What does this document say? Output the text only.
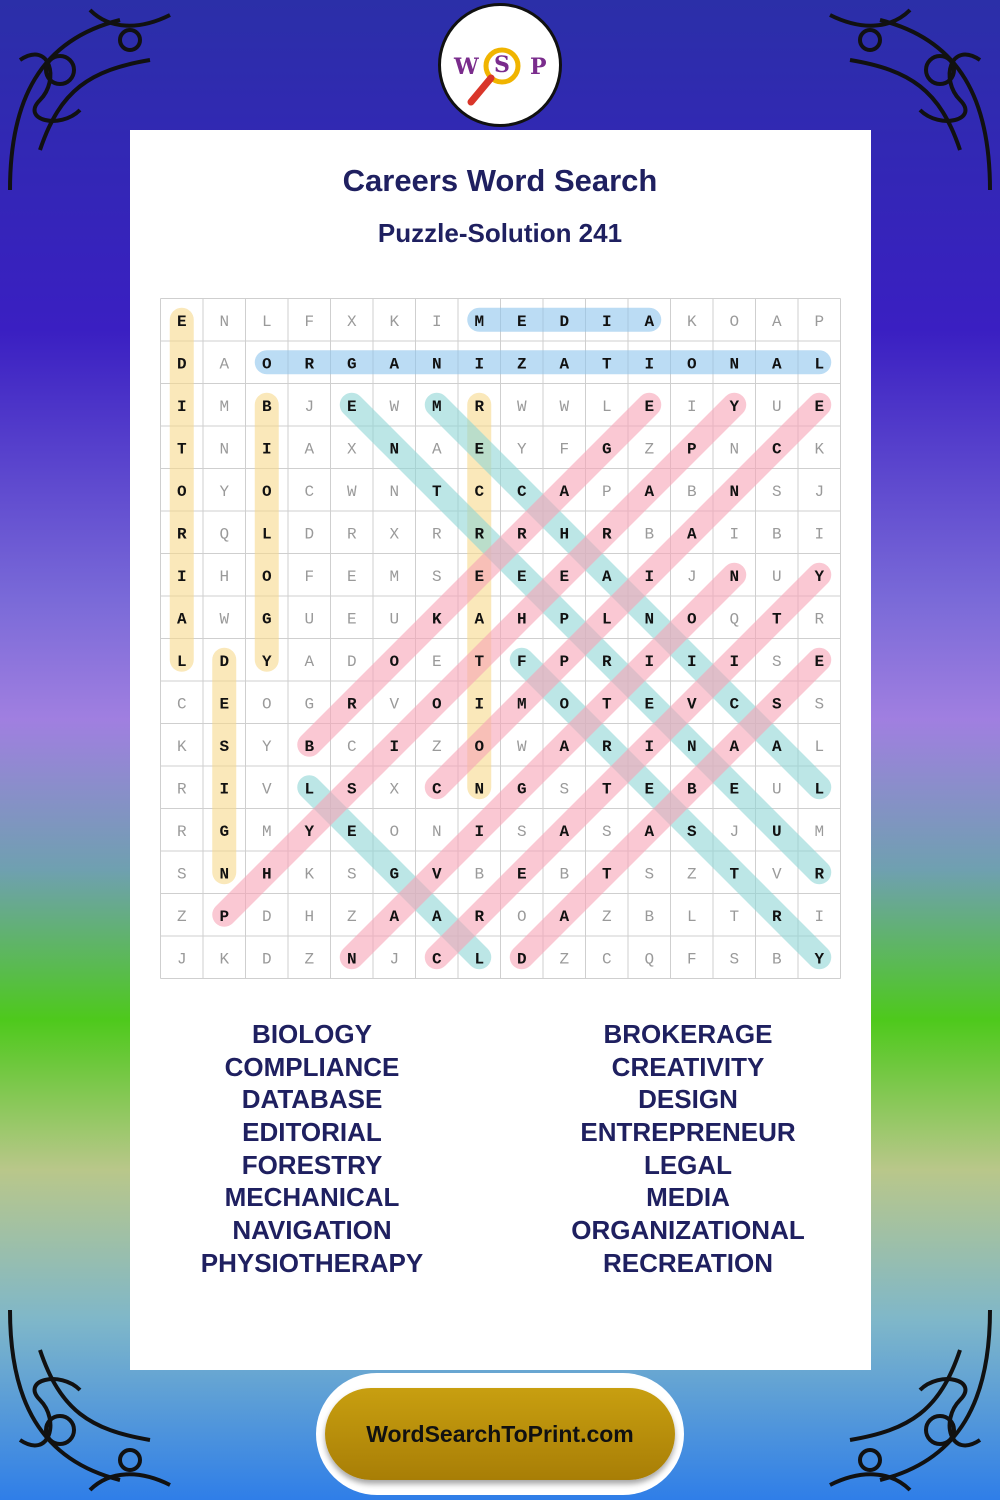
W S P
Careers Word Search
Puzzle-Solution 241
E N L F X K I M E D I A K O A P
D A O R G A N I Z A T I O N A L
I M B J E W M R W W L E I Y U E
T N I A X N A E Y F G Z P N C K
O Y O C W N T C C A P A B N S J
R Q L D R X R R R H R B A I B I
I H O F E M S E E E A I J N U Y
A W G U E U K A H P L N O Q T R
L D Y A D O E T F P R I I I S E
C E O G R V O I M O T E V C S S
K S Y B C I Z O W A R I N A A L
R I V L S X C N G S T E B E U L
R G M Y E O N I S A S A S J U M
S N H K S G V B E B T S Z T V R
Z P D H Z A A R O A Z B L T R I
J K D Z N J C L D Z C Q F S B Y
BIOLOGY
COMPLIANCE
DATABASE
EDITORIAL
FORESTRY
MECHANICAL
NAVIGATION
PHYSIOTHERAPY
BROKERAGE
CREATIVITY
DESIGN
ENTREPRENEUR
LEGAL
MEDIA
ORGANIZATIONAL
RECREATION
WordSearchToPrint.com
